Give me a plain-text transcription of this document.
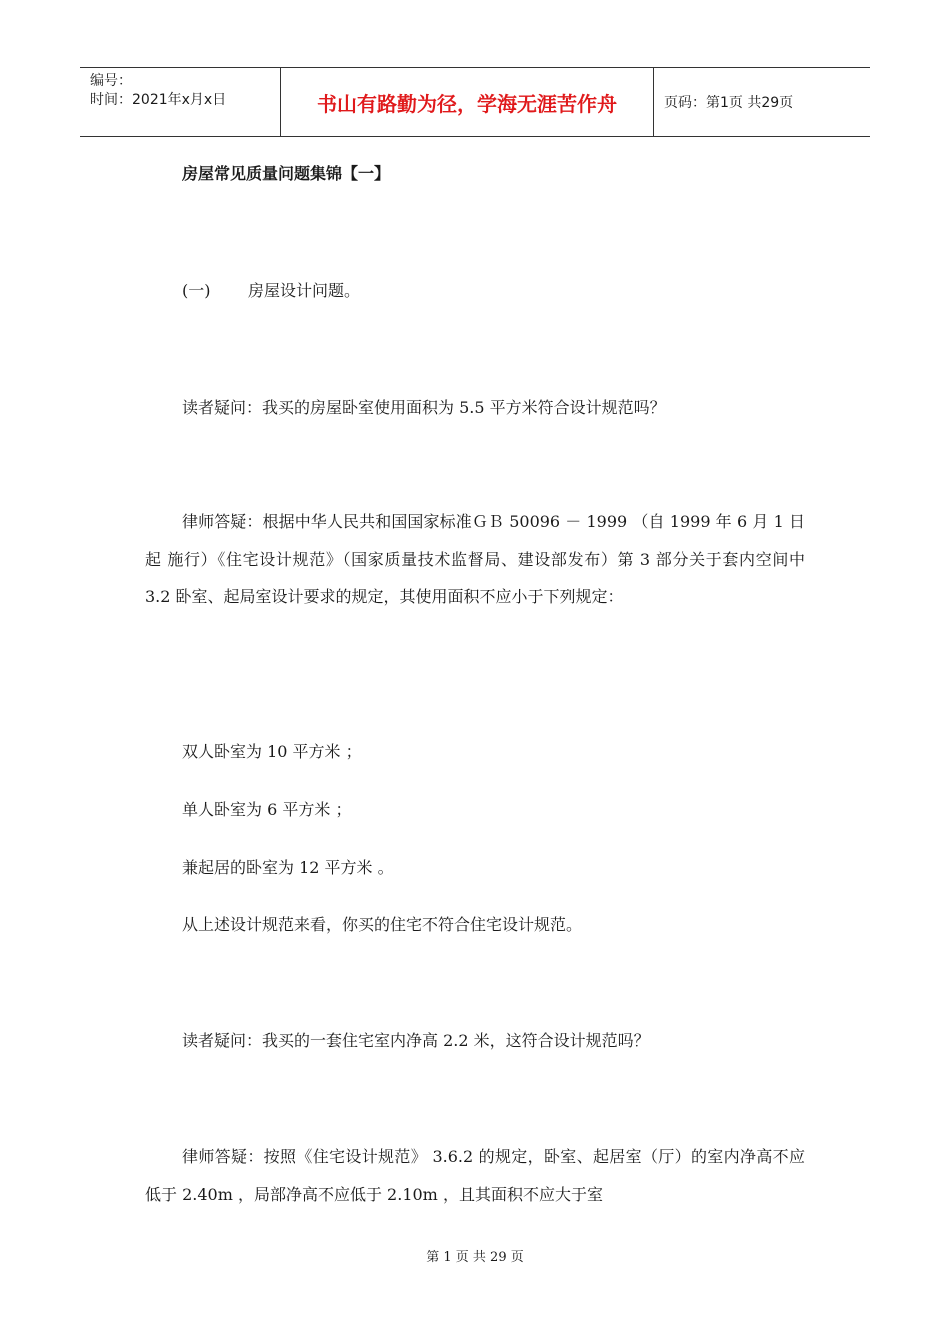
编号：
时间：2021年x月x日	书山有路勤为径，学海无涯苦作舟	页码：第1页 共29页
房屋常见质量问题集锦【一】
(一) 房屋设计问题。
读者疑问：我买的房屋卧室使用面积为 5.5 平方米符合设计规范吗？

律师答疑：根据中华人民共和国国家标准ＧＢ 50096 － 1999 （自 1999 年 6 月 1 日起 施行）《住宅设计规范》（国家质量技术监督局、建设部发布）第 3 部分关于套内空间中 3.2 卧室、起局室设计要求的规定，其使用面积不应小于下列规定：

双人卧室为 10 平方米 ；
单人卧室为 6 平方米 ；
兼起居的卧室为 12 平方米 。
从上述设计规范来看，你买的住宅不符合住宅设计规范。
读者疑问：我买的一套住宅室内净高 2.2 米，这符合设计规范吗？

律师答疑：按照《住宅设计规范》 3.6.2 的规定，卧室、起居室（厅）的室内净高不应低于 2.40m ，局部净高不应低于 2.10m ，且其面积不应大于室

第 1 页 共 29 页
